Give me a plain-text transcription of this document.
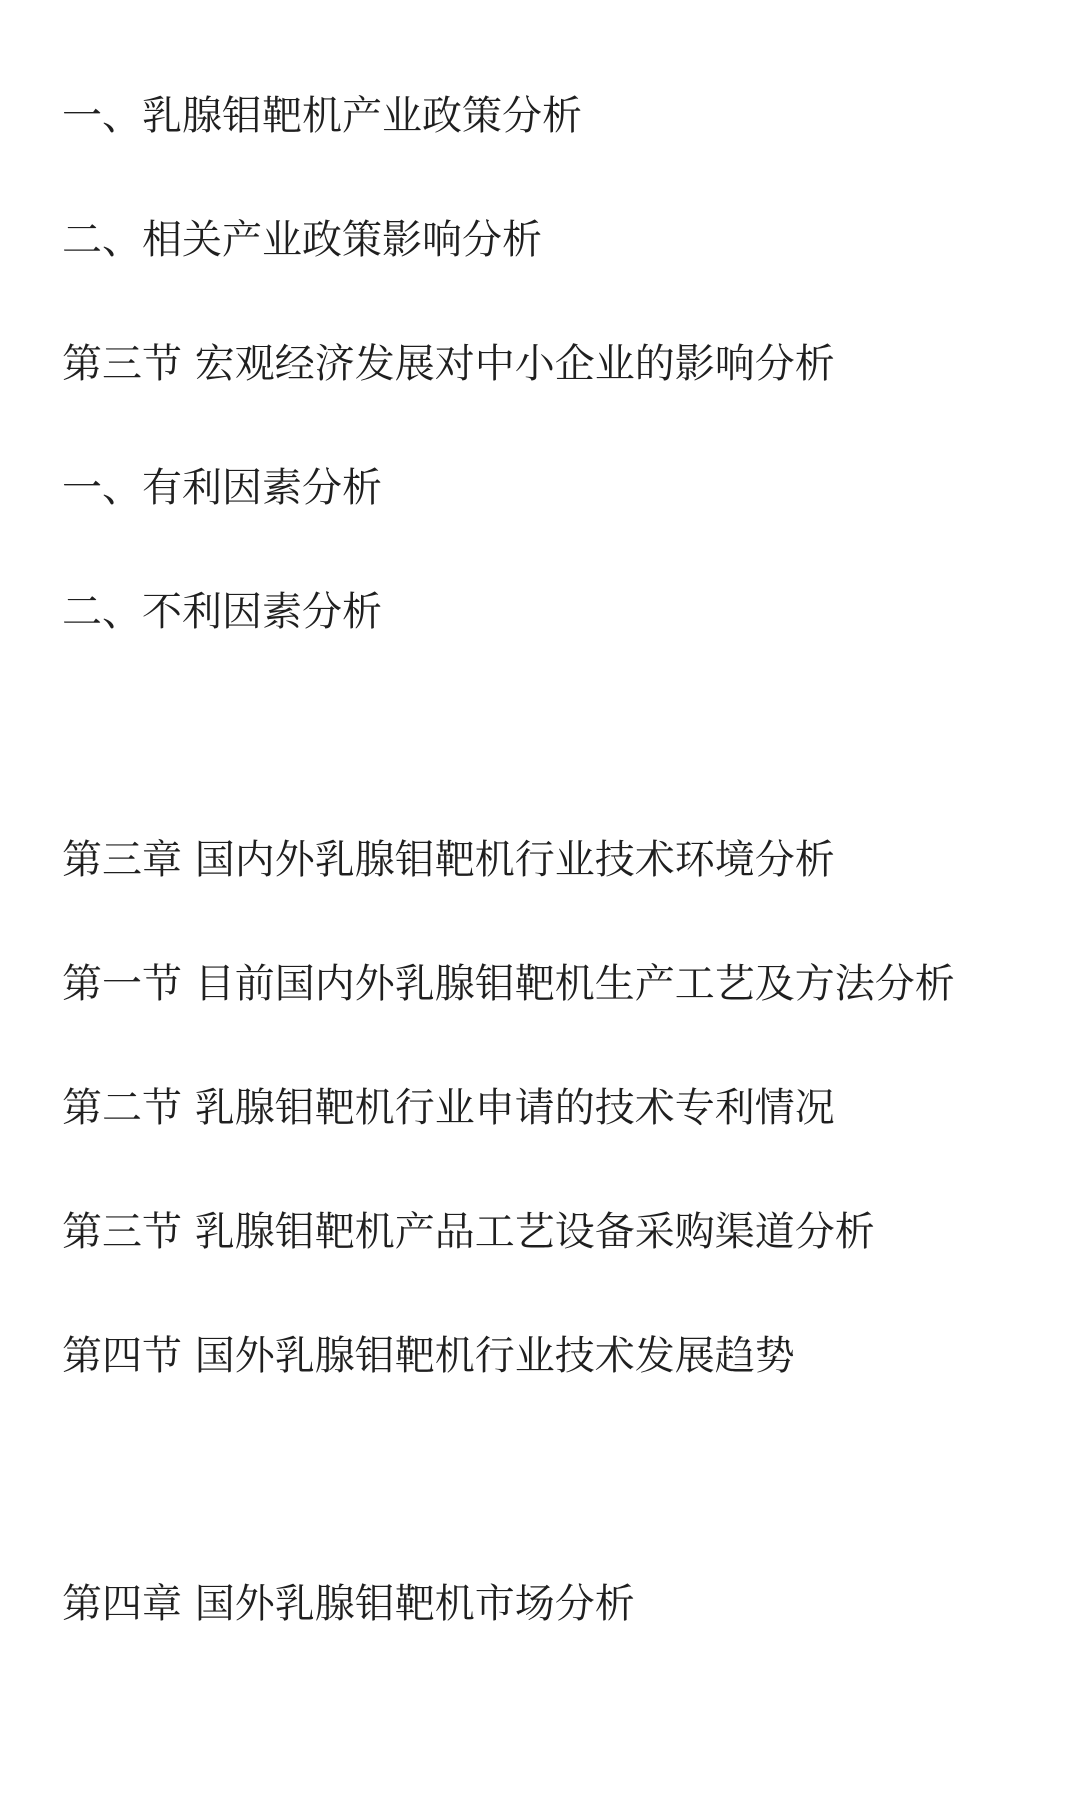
一、乳腺钼靶机产业政策分析

二、相关产业政策影响分析

第三节 宏观经济发展对中小企业的影响分析

一、有利因素分析

二、不利因素分析

第三章 国内外乳腺钼靶机行业技术环境分析

第一节 目前国内外乳腺钼靶机生产工艺及方法分析

第二节 乳腺钼靶机行业申请的技术专利情况

第三节 乳腺钼靶机产品工艺设备采购渠道分析

第四节 国外乳腺钼靶机行业技术发展趋势

第四章 国外乳腺钼靶机市场分析
